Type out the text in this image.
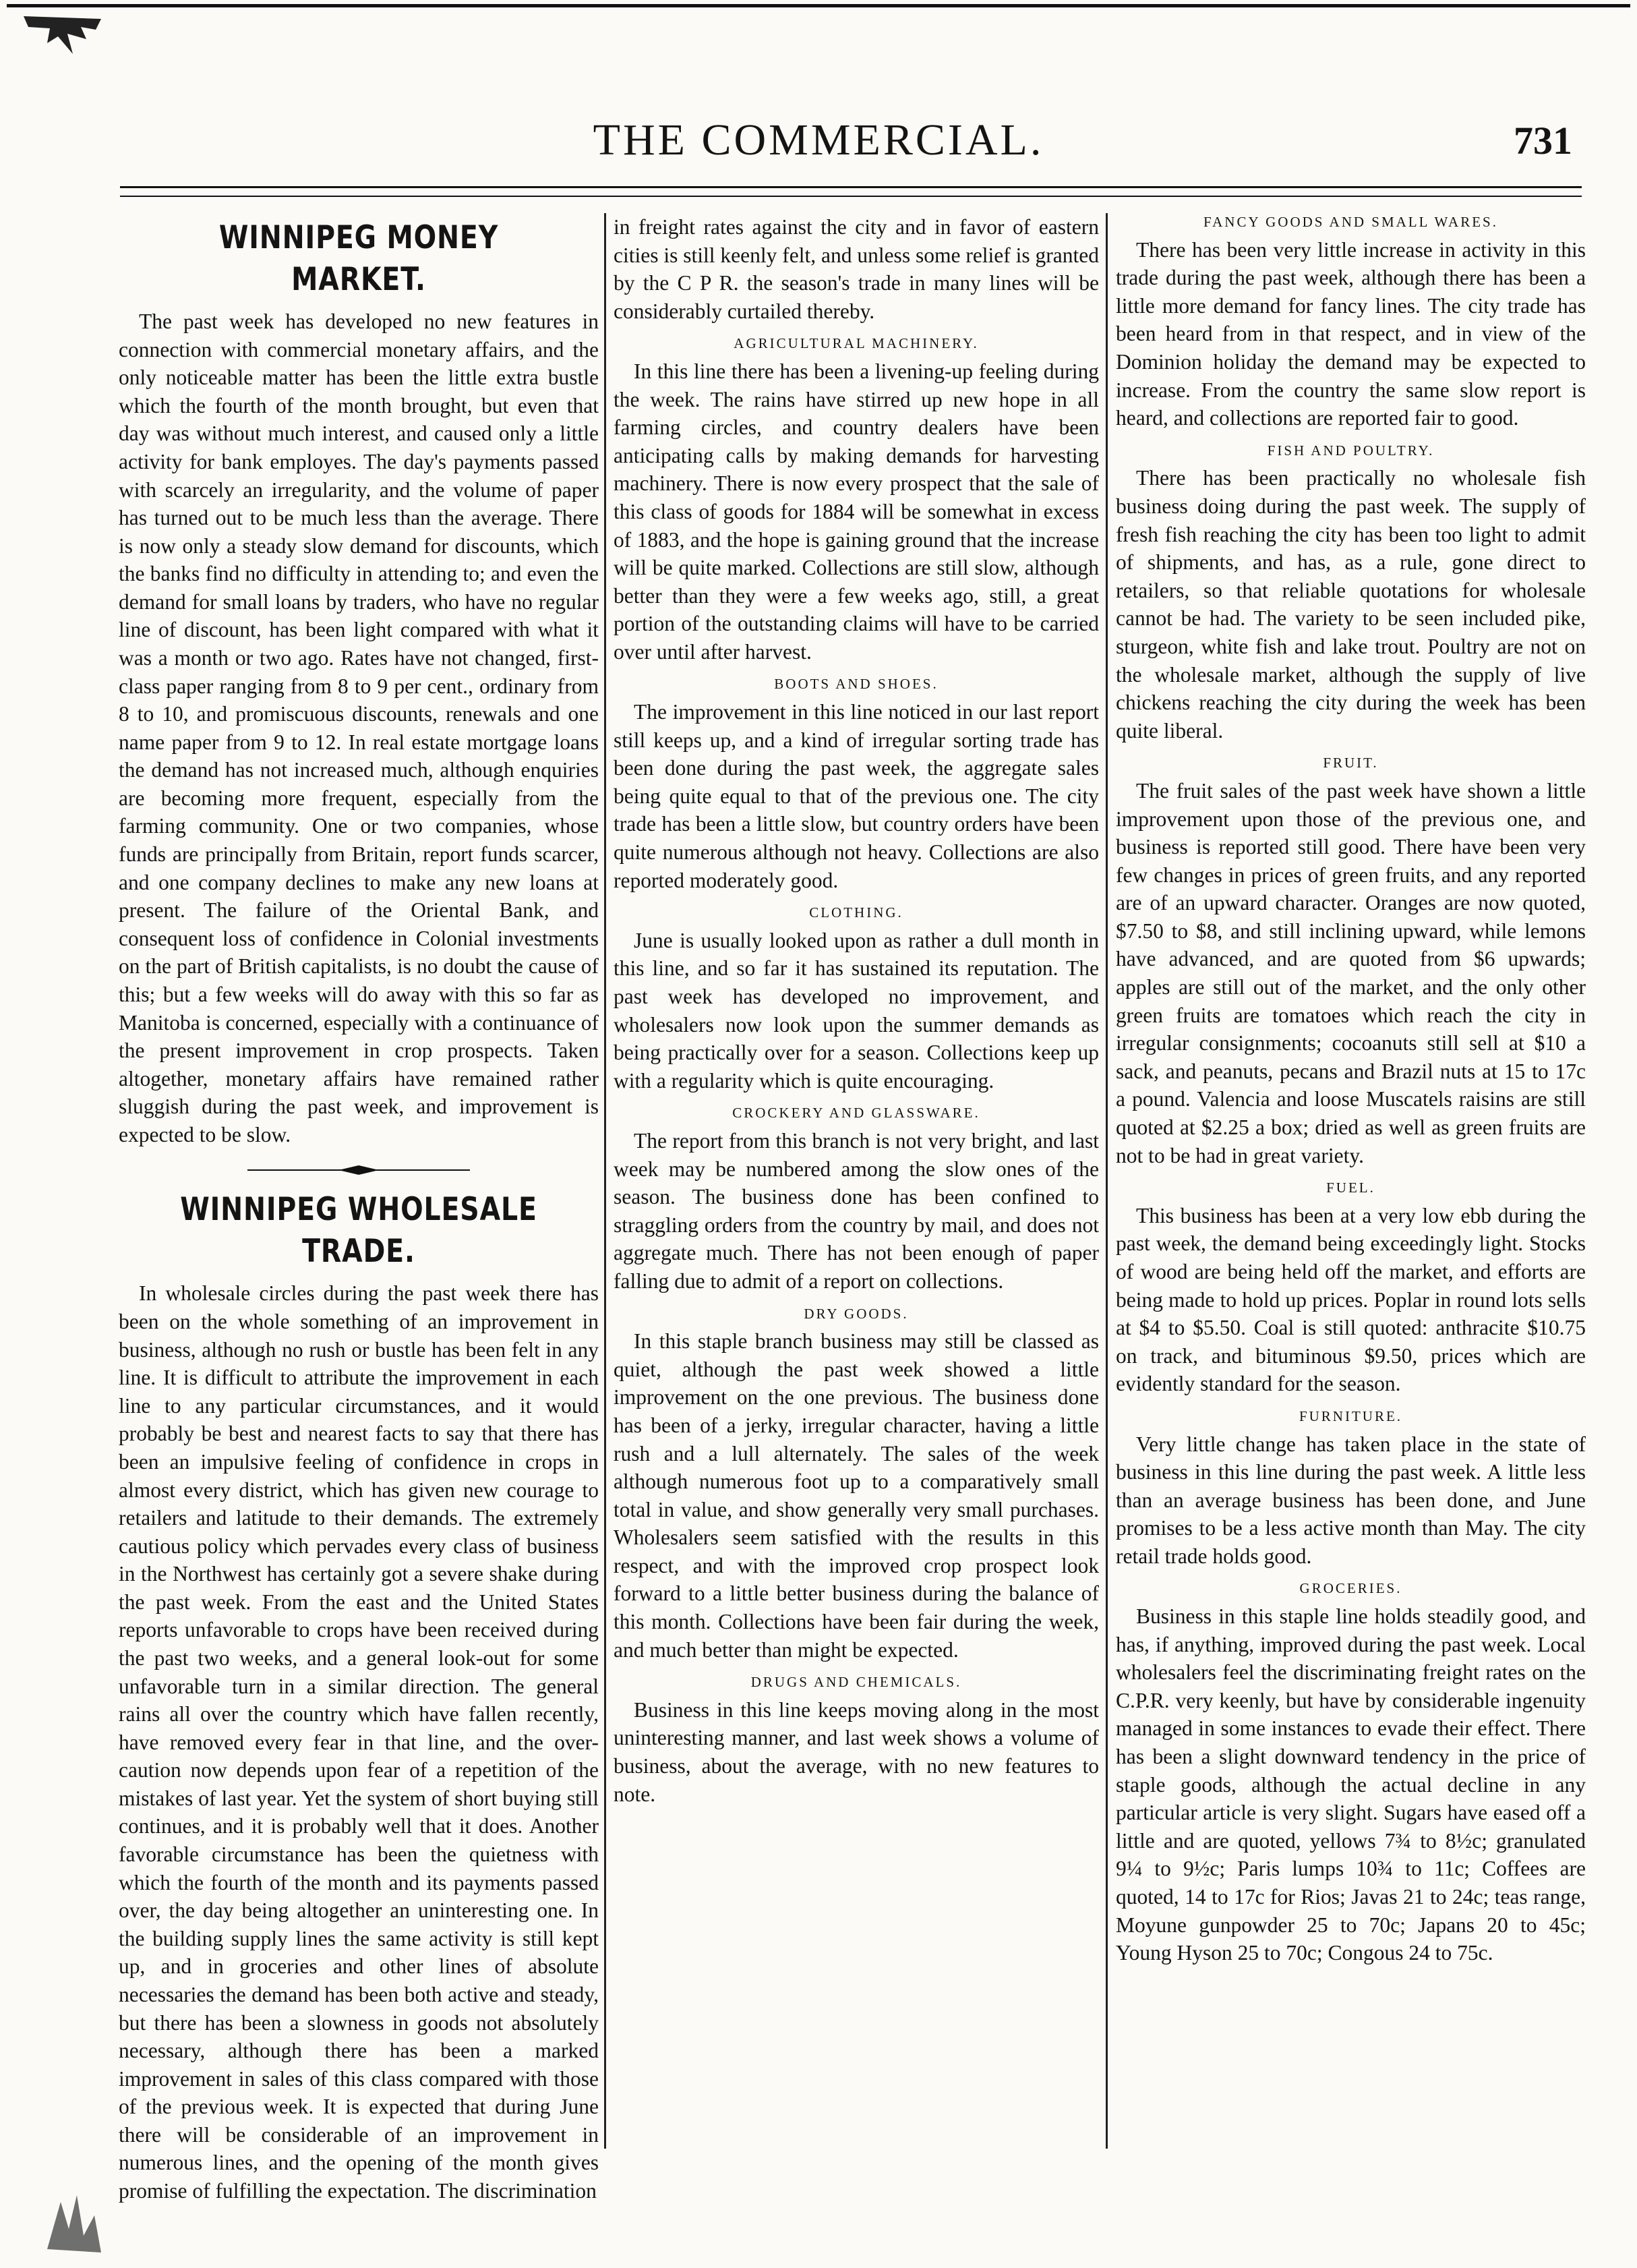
THE COMMERCIAL.	731
WINNIPEG MONEY MARKET.

The past week has developed no new features in connection with commercial monetary affairs, and the only noticeable matter has been the little extra bustle which the fourth of the month brought, but even that day was without much interest, and caused only a little activity for bank employes. The day's payments passed with scarcely an irregularity, and the volume of paper has turned out to be much less than the average. There is now only a steady slow demand for discounts, which the banks find no difficulty in attending to; and even the demand for small loans by traders, who have no regular line of discount, has been light compared with what it was a month or two ago. Rates have not changed, first-class paper ranging from 8 to 9 per cent., ordinary from 8 to 10, and promiscuous discounts, renewals and one name paper from 9 to 12. In real estate mortgage loans the demand has not increased much, although enquiries are becoming more frequent, especially from the farming community. One or two companies, whose funds are principally from Britain, report funds scarcer, and one company declines to make any new loans at present. The failure of the Oriental Bank, and consequent loss of confidence in Colonial investments on the part of British capitalists, is no doubt the cause of this; but a few weeks will do away with this so far as Manitoba is concerned, especially with a continuance of the present improvement in crop prospects. Taken altogether, monetary affairs have remained rather sluggish during the past week, and improvement is expected to be slow.

WINNIPEG WHOLESALE TRADE.

In wholesale circles during the past week there has been on the whole something of an improvement in business, although no rush or bustle has been felt in any line. It is difficult to attribute the improvement in each line to any particular circumstances, and it would probably be best and nearest facts to say that there has been an impulsive feeling of confidence in crops in almost every district, which has given new courage to retailers and latitude to their demands. The extremely cautious policy which pervades every class of business in the Northwest has certainly got a severe shake during the past week. From the east and the United States reports unfavorable to crops have been received during the past two weeks, and a general look-out for some unfavorable turn in a similar direction. The general rains all over the country which have fallen recently, have removed every fear in that line, and the over-caution now depends upon fear of a repetition of the mistakes of last year. Yet the system of short buying still continues, and it is probably well that it does. Another favorable circumstance has been the quietness with which the fourth of the month and its payments passed over, the day being altogether an uninteresting one. In the building supply lines the same activity is still kept up, and in groceries and other lines of absolute necessaries the demand has been both active and steady, but there has been a slowness in goods not absolutely necessary, although there has been a marked improvement in sales of this class compared with those of the previous week. It is expected that during June there will be considerable of an improvement in numerous lines, and the opening of the month gives promise of fulfilling the expectation. The discrimination

in freight rates against the city and in favor of eastern cities is still keenly felt, and unless some relief is granted by the C P R. the season's trade in many lines will be considerably curtailed thereby.

AGRICULTURAL MACHINERY.

In this line there has been a livening-up feeling during the week. The rains have stirred up new hope in all farming circles, and country dealers have been anticipating calls by making demands for harvesting machinery. There is now every prospect that the sale of this class of goods for 1884 will be somewhat in excess of 1883, and the hope is gaining ground that the increase will be quite marked. Collections are still slow, although better than they were a few weeks ago, still, a great portion of the outstanding claims will have to be carried over until after harvest.

BOOTS AND SHOES.

The improvement in this line noticed in our last report still keeps up, and a kind of irregular sorting trade has been done during the past week, the aggregate sales being quite equal to that of the previous one. The city trade has been a little slow, but country orders have been quite numerous although not heavy. Collections are also reported moderately good.

CLOTHING.

June is usually looked upon as rather a dull month in this line, and so far it has sustained its reputation. The past week has developed no improvement, and wholesalers now look upon the summer demands as being practically over for a season. Collections keep up with a regularity which is quite encouraging.

CROCKERY AND GLASSWARE.

The report from this branch is not very bright, and last week may be numbered among the slow ones of the season. The business done has been confined to straggling orders from the country by mail, and does not aggregate much. There has not been enough of paper falling due to admit of a report on collections.

DRY GOODS.

In this staple branch business may still be classed as quiet, although the past week showed a little improvement on the one previous. The business done has been of a jerky, irregular character, having a little rush and a lull alternately. The sales of the week although numerous foot up to a comparatively small total in value, and show generally very small purchases. Wholesalers seem satisfied with the results in this respect, and with the improved crop prospect look forward to a little better business during the balance of this month. Collections have been fair during the week, and much better than might be expected.

DRUGS AND CHEMICALS.

Business in this line keeps moving along in the most uninteresting manner, and last week shows a volume of business, about the average, with no new features to note.

FANCY GOODS AND SMALL WARES.

There has been very little increase in activity in this trade during the past week, although there has been a little more demand for fancy lines. The city trade has been heard from in that respect, and in view of the Dominion holiday the demand may be expected to increase. From the country the same slow report is heard, and collections are reported fair to good.

FISH AND POULTRY.

There has been practically no wholesale fish business doing during the past week. The supply of fresh fish reaching the city has been too light to admit of shipments, and has, as a rule, gone direct to retailers, so that reliable quotations for wholesale cannot be had. The variety to be seen included pike, sturgeon, white fish and lake trout. Poultry are not on the wholesale market, although the supply of live chickens reaching the city during the week has been quite liberal.

FRUIT.

The fruit sales of the past week have shown a little improvement upon those of the previous one, and business is reported still good. There have been very few changes in prices of green fruits, and any reported are of an upward character. Oranges are now quoted, $7.50 to $8, and still inclining upward, while lemons have advanced, and are quoted from $6 upwards; apples are still out of the market, and the only other green fruits are tomatoes which reach the city in irregular consignments; cocoanuts still sell at $10 a sack, and peanuts, pecans and Brazil nuts at 15 to 17c a pound. Valencia and loose Muscatels raisins are still quoted at $2.25 a box; dried as well as green fruits are not to be had in great variety.

FUEL.

This business has been at a very low ebb during the past week, the demand being exceedingly light. Stocks of wood are being held off the market, and efforts are being made to hold up prices. Poplar in round lots sells at $4 to $5.50. Coal is still quoted: anthracite $10.75 on track, and bituminous $9.50, prices which are evidently standard for the season.

FURNITURE.

Very little change has taken place in the state of business in this line during the past week. A little less than an average business has been done, and June promises to be a less active month than May. The city retail trade holds good.

GROCERIES.

Business in this staple line holds steadily good, and has, if anything, improved during the past week. Local wholesalers feel the discriminating freight rates on the C.P.R. very keenly, but have by considerable ingenuity managed in some instances to evade their effect. There has been a slight downward tendency in the price of staple goods, although the actual decline in any particular article is very slight. Sugars have eased off a little and are quoted, yellows 7¾ to 8½c; granulated 9¼ to 9½c; Paris lumps 10¾ to 11c; Coffees are quoted, 14 to 17c for Rios; Javas 21 to 24c; teas range, Moyune gunpowder 25 to 70c; Japans 20 to 45c; Young Hyson 25 to 70c; Congous 24 to 75c.
